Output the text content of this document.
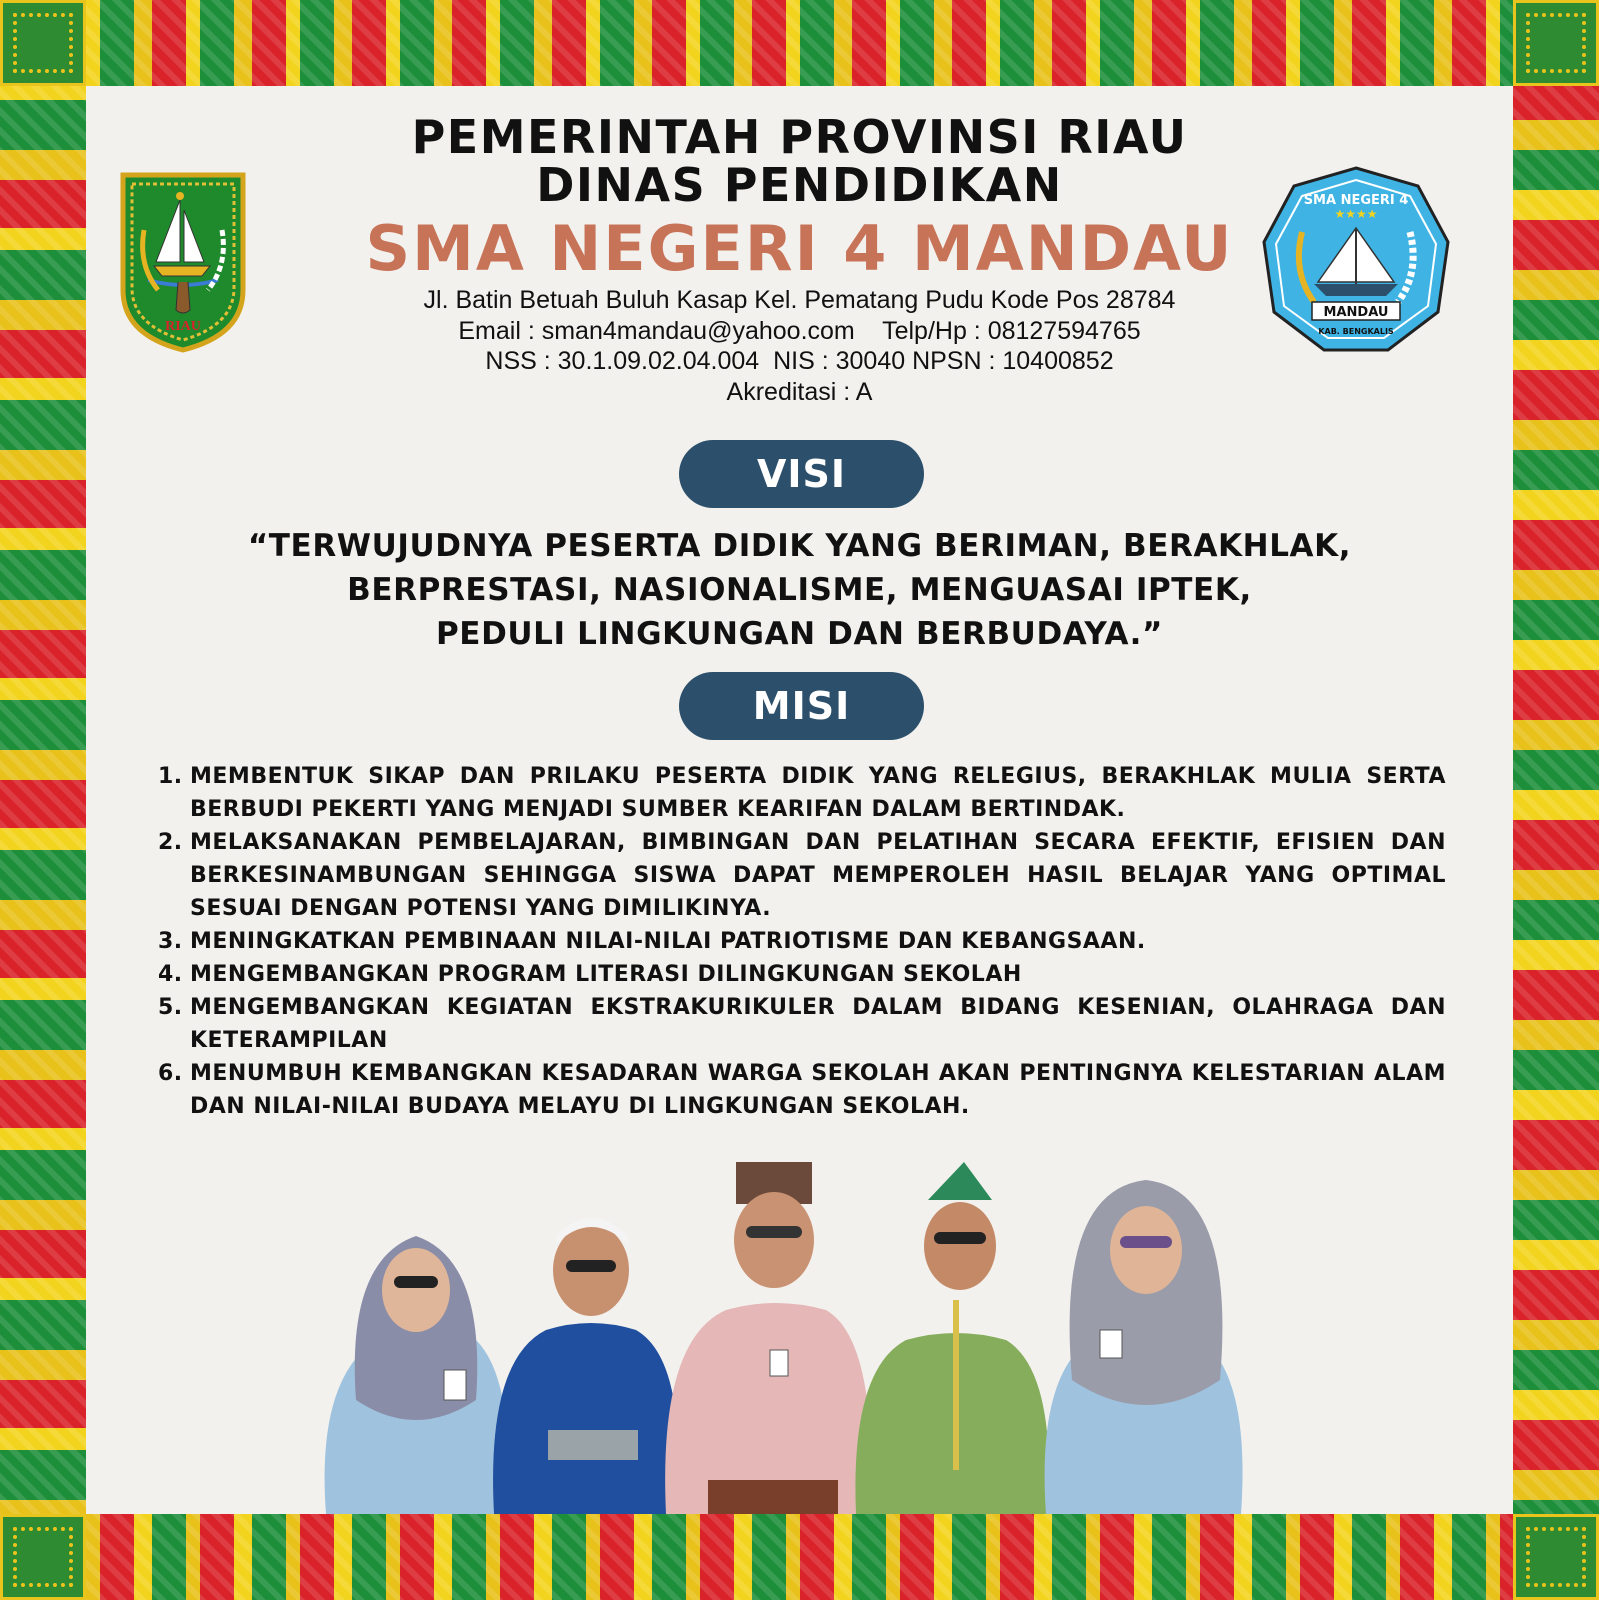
RIAU
SMA NEGERI 4
★★★★
MANDAU
KAB. BENGKALIS
PEMERINTAH PROVINSI RIAU
DINAS PENDIDIKAN
SMA NEGERI 4 MANDAU
Jl. Batin Betuah Buluh Kasap Kel. Pematang Pudu Kode Pos 28784
Email : sman4mandau@yahoo.com    Telp/Hp : 08127594765
NSS : 30.1.09.02.04.004  NIS : 30040 NPSN : 10400852
Akreditasi : A
VISI
“TERWUJUDNYA PESERTA DIDIK YANG BERIMAN, BERAKHLAK,
BERPRESTASI, NASIONALISME, MENGUASAI IPTEK,
PEDULI LINGKUNGAN DAN BERBUDAYA.”
MISI
1. MEMBENTUK SIKAP DAN PRILAKU PESERTA DIDIK YANG RELEGIUS, BERAKHLAK MULIA SERTA BERBUDI PEKERTI YANG MENJADI SUMBER KEARIFAN DALAM BERTINDAK.
2. MELAKSANAKAN PEMBELAJARAN, BIMBINGAN DAN PELATIHAN SECARA EFEKTIF, EFISIEN DAN BERKESINAMBUNGAN SEHINGGA SISWA DAPAT MEMPEROLEH HASIL BELAJAR YANG OPTIMAL SESUAI DENGAN POTENSI YANG DIMILIKINYA.
3. MENINGKATKAN PEMBINAAN NILAI-NILAI PATRIOTISME DAN KEBANGSAAN.
4. MENGEMBANGKAN PROGRAM LITERASI DILINGKUNGAN SEKOLAH
5. MENGEMBANGKAN KEGIATAN EKSTRAKURIKULER DALAM BIDANG KESENIAN, OLAHRAGA DAN KETERAMPILAN
6. MENUMBUH KEMBANGKAN KESADARAN WARGA SEKOLAH AKAN PENTINGNYA KELESTARIAN ALAM DAN NILAI-NILAI BUDAYA MELAYU DI LINGKUNGAN SEKOLAH.
